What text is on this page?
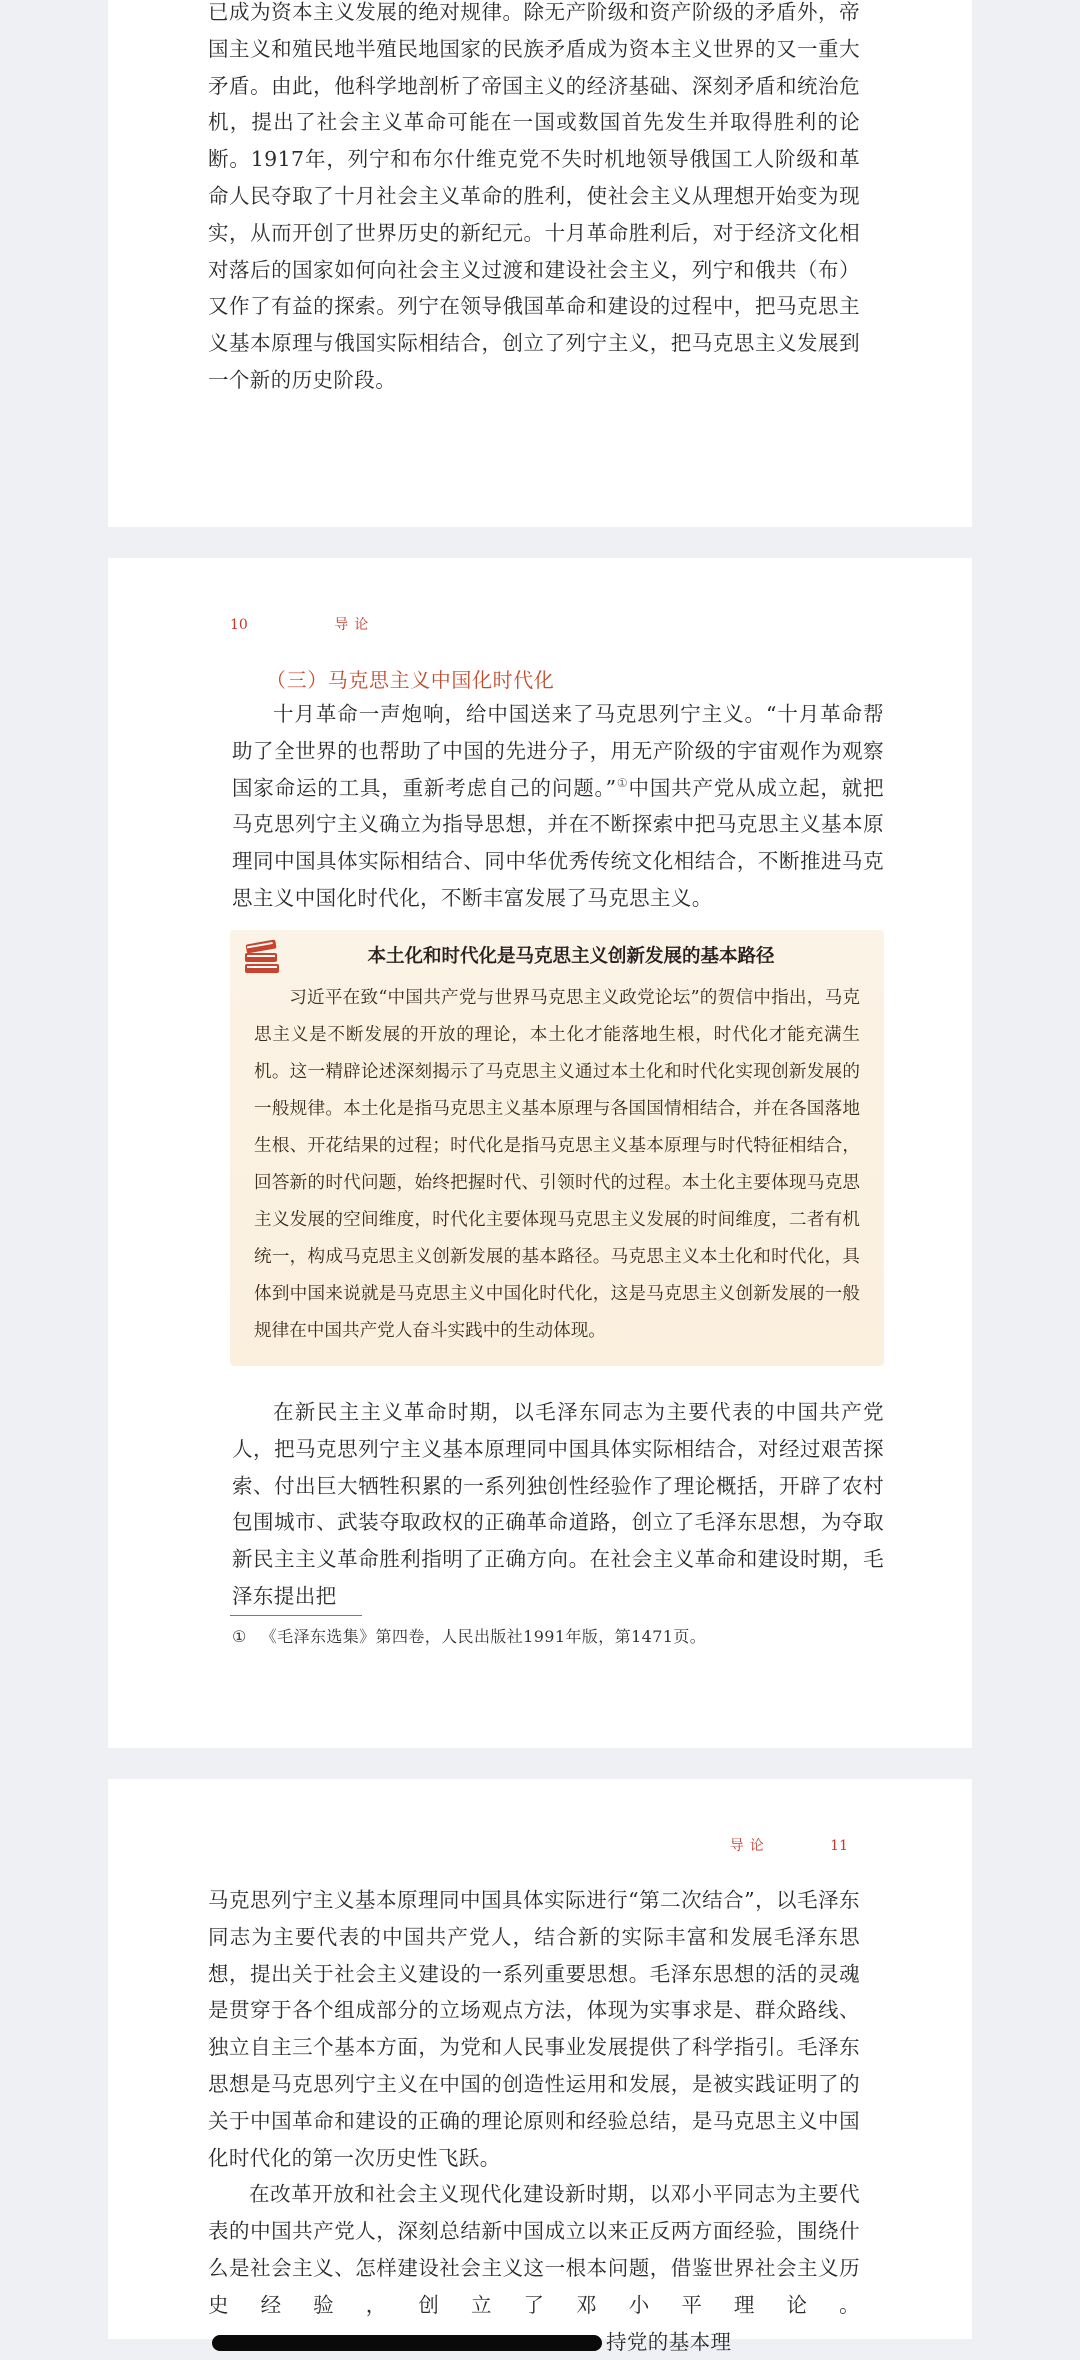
已成为资本主义发展的绝对规律。除无产阶级和资产阶级的矛盾外，帝国主义和殖民地半殖民地国家的民族矛盾成为资本主义世界的又一重大矛盾。由此，他科学地剖析了帝国主义的经济基础、深刻矛盾和统治危机，提出了社会主义革命可能在一国或数国首先发生并取得胜利的论断。1917年，列宁和布尔什维克党不失时机地领导俄国工人阶级和革命人民夺取了十月社会主义革命的胜利，使社会主义从理想开始变为现实，从而开创了世界历史的新纪元。十月革命胜利后，对于经济文化相对落后的国家如何向社会主义过渡和建设社会主义，列宁和俄共（布）又作了有益的探索。列宁在领导俄国革命和建设的过程中，把马克思主义基本原理与俄国实际相结合，创立了列宁主义，把马克思主义发展到一个新的历史阶段。

10	导论
（三）马克思主义中国化时代化

十月革命一声炮响，给中国送来了马克思列宁主义。“十月革命帮助了全世界的也帮助了中国的先进分子，用无产阶级的宇宙观作为观察国家命运的工具，重新考虑自己的问题。”①中国共产党从成立起，就把马克思列宁主义确立为指导思想，并在不断探索中把马克思主义基本原理同中国具体实际相结合、同中华优秀传统文化相结合，不断推进马克思主义中国化时代化，不断丰富发展了马克思主义。

本土化和时代化是马克思主义创新发展的基本路径

习近平在致“中国共产党与世界马克思主义政党论坛”的贺信中指出，马克思主义是不断发展的开放的理论，本土化才能落地生根，时代化才能充满生机。这一精辟论述深刻揭示了马克思主义通过本土化和时代化实现创新发展的一般规律。本土化是指马克思主义基本原理与各国国情相结合，并在各国落地生根、开花结果的过程；时代化是指马克思主义基本原理与时代特征相结合，回答新的时代问题，始终把握时代、引领时代的过程。本土化主要体现马克思主义发展的空间维度，时代化主要体现马克思主义发展的时间维度，二者有机统一，构成马克思主义创新发展的基本路径。马克思主义本土化和时代化，具体到中国来说就是马克思主义中国化时代化，这是马克思主义创新发展的一般规律在中国共产党人奋斗实践中的生动体现。

在新民主主义革命时期，以毛泽东同志为主要代表的中国共产党人，把马克思列宁主义基本原理同中国具体实际相结合，对经过艰苦探索、付出巨大牺牲积累的一系列独创性经验作了理论概括，开辟了农村包围城市、武装夺取政权的正确革命道路，创立了毛泽东思想，为夺取新民主主义革命胜利指明了正确方向。在社会主义革命和建设时期，毛泽东提出把

① 《毛泽东选集》第四卷，人民出版社1991年版，第1471页。
导论	11

马克思列宁主义基本原理同中国具体实际进行“第二次结合”，以毛泽东同志为主要代表的中国共产党人，结合新的实际丰富和发展毛泽东思想，提出关于社会主义建设的一系列重要思想。毛泽东思想的活的灵魂是贯穿于各个组成部分的立场观点方法，体现为实事求是、群众路线、独立自主三个基本方面，为党和人民事业发展提供了科学指引。毛泽东思想是马克思列宁主义在中国的创造性运用和发展，是被实践证明了的关于中国革命和建设的正确的理论原则和经验总结，是马克思主义中国化时代化的第一次历史性飞跃。

在改革开放和社会主义现代化建设新时期，以邓小平同志为主要代表的中国共产党人，深刻总结新中国成立以来正反两方面经验，围绕什么是社会主义、怎样建设社会主义这一根本问题，借鉴世界社会主义历史经验，创立了邓小平理论。持党的基本理
